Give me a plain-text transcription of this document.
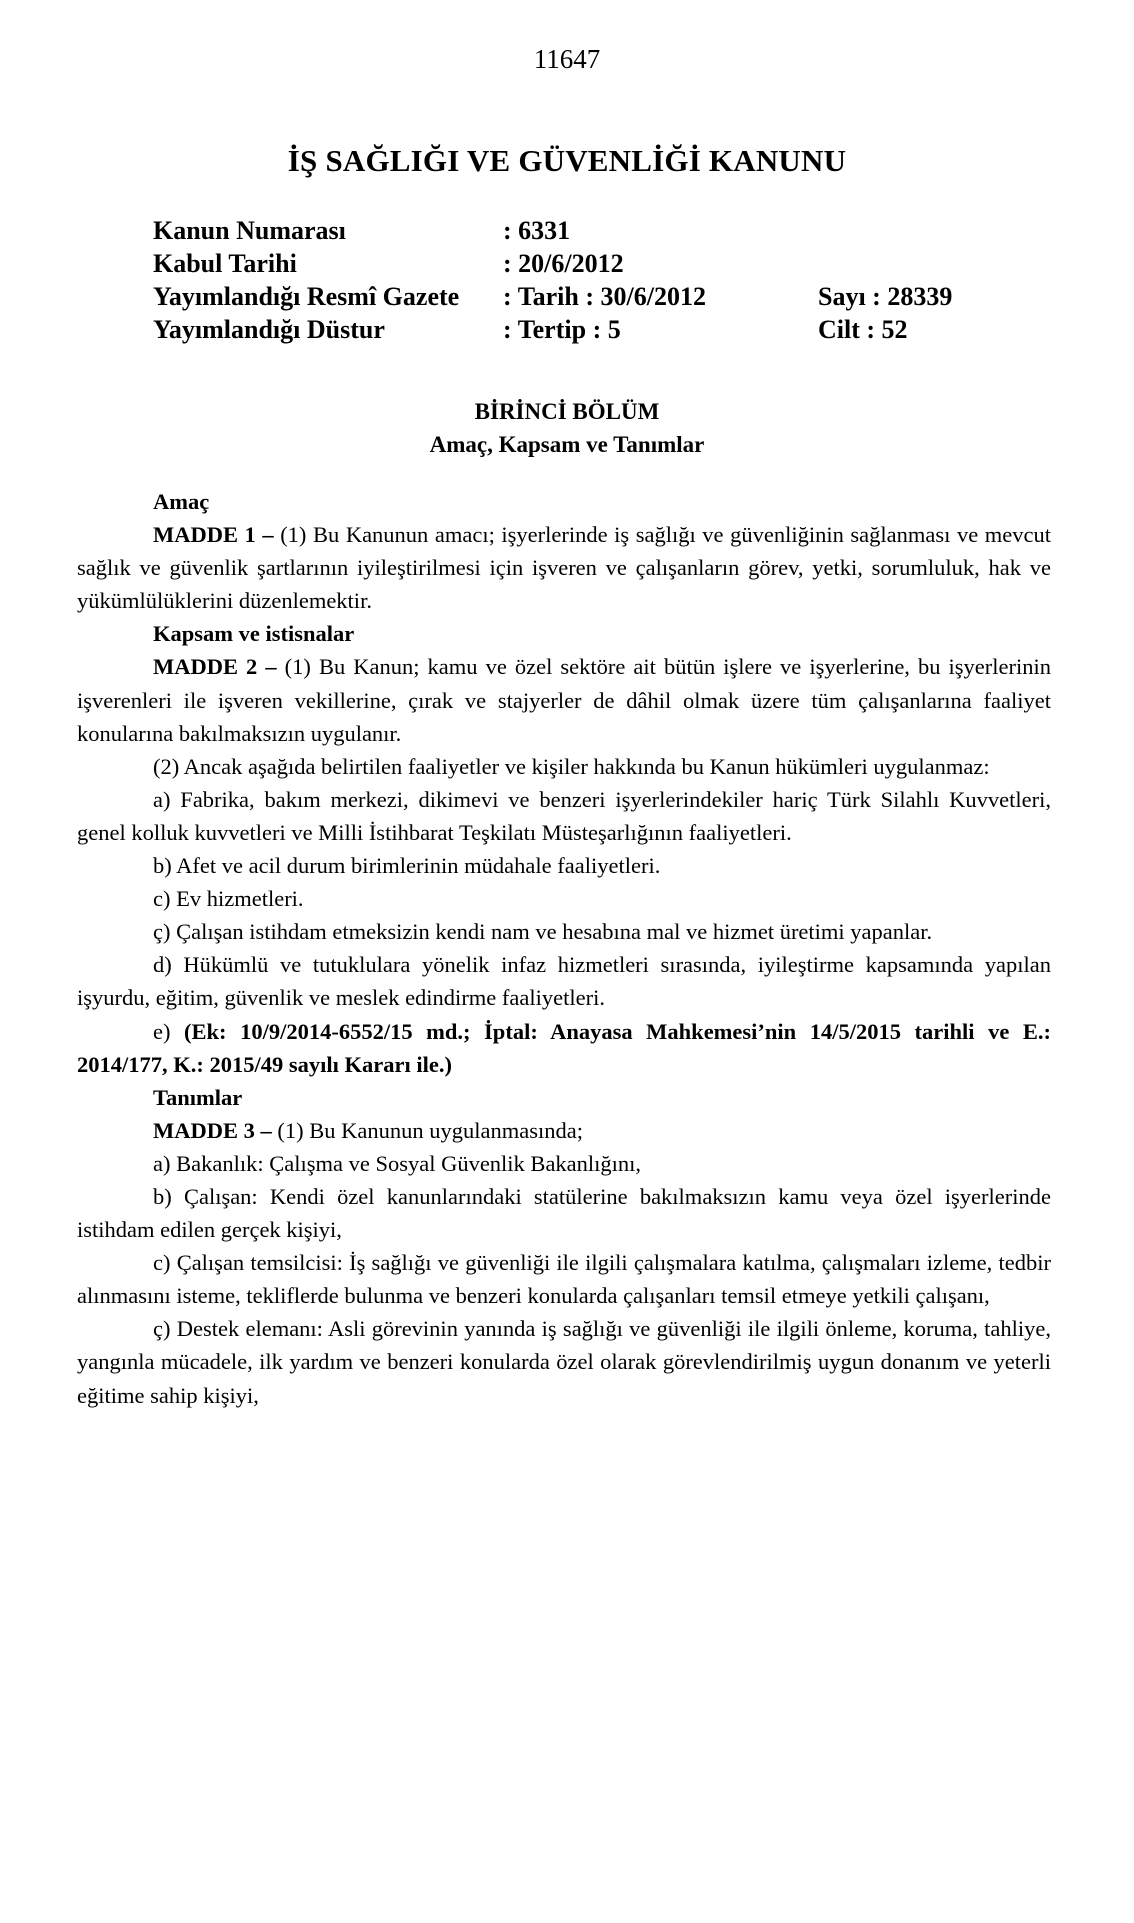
11647
İŞ SAĞLIĞI VE GÜVENLİĞİ KANUNU
Kanun Numarası	: 6331
Kabul Tarihi	: 20/6/2012
Yayımlandığı Resmî Gazete : Tarih : 30/6/2012	Sayı : 28339
Yayımlandığı Düstur	: Tertip : 5	Cilt : 52
BİRİNCİ BÖLÜM
Amaç, Kapsam ve Tanımlar

Amaç

MADDE 1 – (1) Bu Kanunun amacı; işyerlerinde iş sağlığı ve güvenliğinin sağlanması ve mevcut sağlık ve güvenlik şartlarının iyileştirilmesi için işveren ve çalışanların görev, yetki, sorumluluk, hak ve yükümlülüklerini düzenlemektir.

Kapsam ve istisnalar

MADDE 2 – (1) Bu Kanun; kamu ve özel sektöre ait bütün işlere ve işyerlerine, bu işyerlerinin işverenleri ile işveren vekillerine, çırak ve stajyerler de dâhil olmak üzere tüm çalışanlarına faaliyet konularına bakılmaksızın uygulanır.

(2) Ancak aşağıda belirtilen faaliyetler ve kişiler hakkında bu Kanun hükümleri uygulanmaz:

a) Fabrika, bakım merkezi, dikimevi ve benzeri işyerlerindekiler hariç Türk Silahlı Kuvvetleri, genel kolluk kuvvetleri ve Milli İstihbarat Teşkilatı Müsteşarlığının faaliyetleri.

b) Afet ve acil durum birimlerinin müdahale faaliyetleri.

c) Ev hizmetleri.

ç) Çalışan istihdam etmeksizin kendi nam ve hesabına mal ve hizmet üretimi yapanlar.

d) Hükümlü ve tutuklulara yönelik infaz hizmetleri sırasında, iyileştirme kapsamında yapılan işyurdu, eğitim, güvenlik ve meslek edindirme faaliyetleri.

e) (Ek: 10/9/2014-6552/15 md.; İptal: Anayasa Mahkemesi’nin 14/5/2015 tarihli ve E.: 2014/177, K.: 2015/49 sayılı Kararı ile.)

Tanımlar

MADDE 3 – (1) Bu Kanunun uygulanmasında;

a) Bakanlık: Çalışma ve Sosyal Güvenlik Bakanlığını,

b) Çalışan: Kendi özel kanunlarındaki statülerine bakılmaksızın kamu veya özel işyerlerinde istihdam edilen gerçek kişiyi,

c) Çalışan temsilcisi: İş sağlığı ve güvenliği ile ilgili çalışmalara katılma, çalışmaları izleme, tedbir alınmasını isteme, tekliflerde bulunma ve benzeri konularda çalışanları temsil etmeye yetkili çalışanı,

ç) Destek elemanı: Asli görevinin yanında iş sağlığı ve güvenliği ile ilgili önleme, koruma, tahliye, yangınla mücadele, ilk yardım ve benzeri konularda özel olarak görevlendirilmiş uygun donanım ve yeterli eğitime sahip kişiyi,
